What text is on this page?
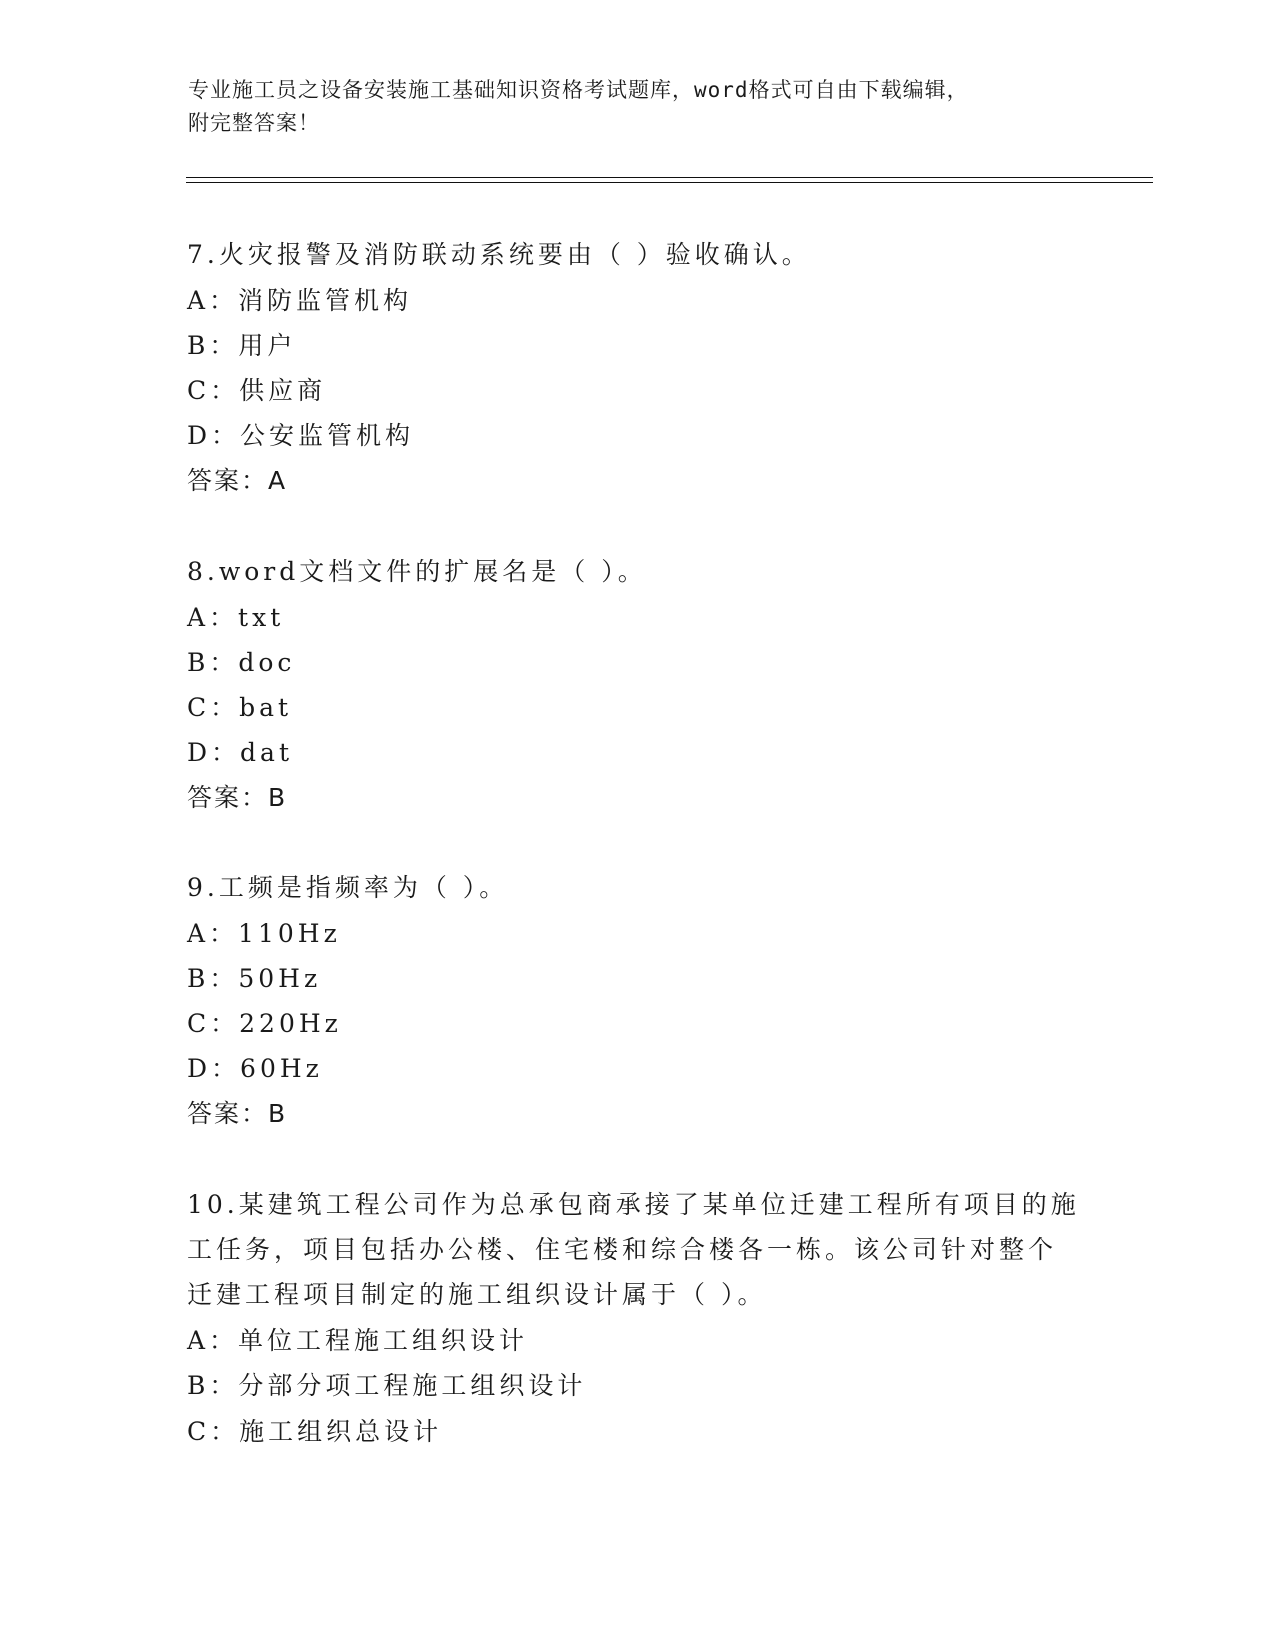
专业施工员之设备安装施工基础知识资格考试题库，word格式可自由下载编辑，
附完整答案！
7.火灾报警及消防联动系统要由（ ）验收确认。
A：消防监管机构
B：用户
C：供应商
D：公安监管机构
答案：A
8.word文档文件的扩展名是（ ）。
A：txt
B：doc
C：bat
D：dat
答案：B
9.工频是指频率为（ ）。
A：110Hz
B：50Hz
C：220Hz
D：60Hz
答案：B
10.某建筑工程公司作为总承包商承接了某单位迁建工程所有项目的施
工任务，项目包括办公楼、住宅楼和综合楼各一栋。该公司针对整个
迁建工程项目制定的施工组织设计属于（ ）。
A：单位工程施工组织设计
B：分部分项工程施工组织设计
C：施工组织总设计
